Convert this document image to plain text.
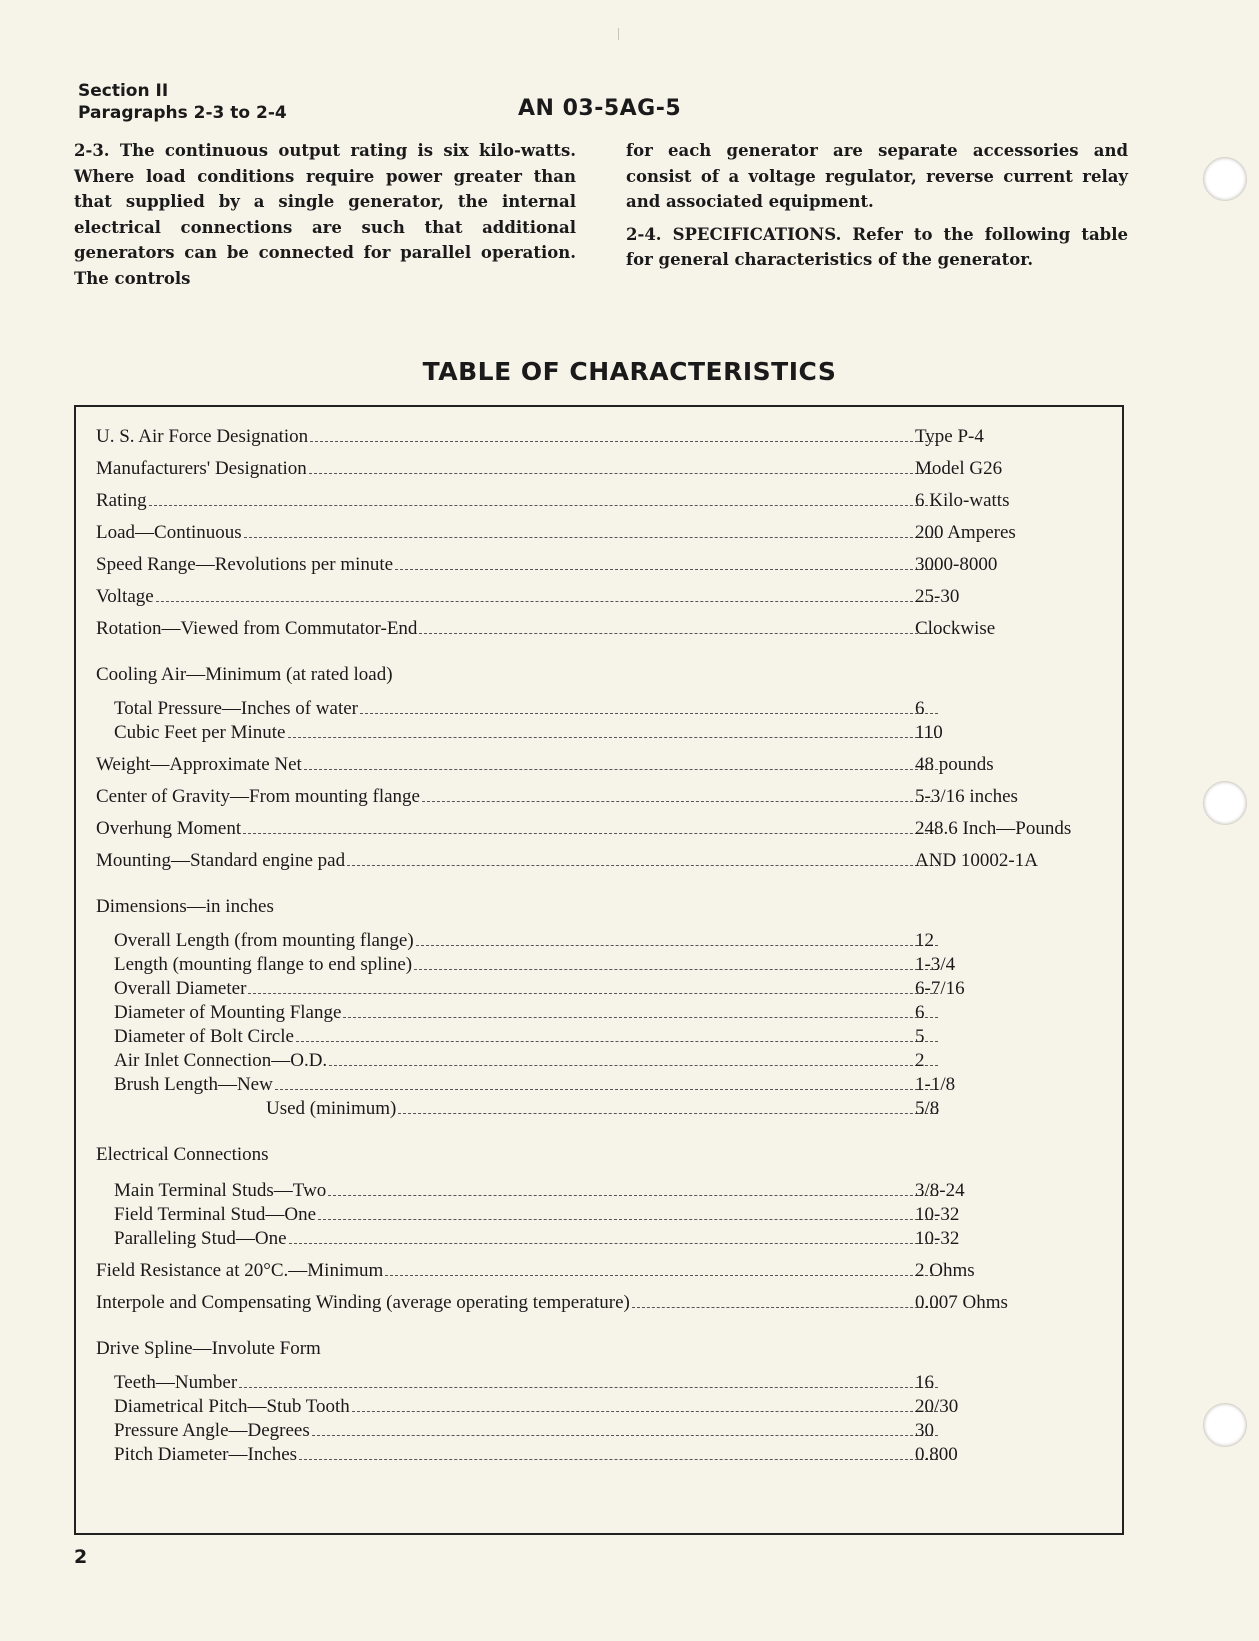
Section II
Paragraphs 2-3 to 2-4	AN 03-5AG-5

2-3. The continuous output rating is six kilo-watts. Where load conditions require power greater than that supplied by a single generator, the internal electrical connections are such that additional generators can be connected for parallel operation. The controls

for each generator are separate accessories and consist of a voltage regulator, reverse current relay and associated equipment.

2-4. SPECIFICATIONS. Refer to the following table for general characteristics of the generator.

TABLE OF CHARACTERISTICS
U. S. Air Force Designation	Type P-4
Manufacturers' Designation	Model G26
Rating	6 Kilo-watts
Load—Continuous	200 Amperes
Speed Range—Revolutions per minute	3000-8000
Voltage	25-30
Rotation—Viewed from Commutator-End	Clockwise
Cooling Air—Minimum (at rated load)
Total Pressure—Inches of water	6
Cubic Feet per Minute	110
Weight—Approximate Net	48 pounds
Center of Gravity—From mounting flange	5-3/16 inches
Overhung Moment	248.6 Inch—Pounds
Mounting—Standard engine pad	AND 10002-1A
Dimensions—in inches
Overall Length (from mounting flange)	12
Length (mounting flange to end spline)	1-3/4
Overall Diameter	6-7/16
Diameter of Mounting Flange	6
Diameter of Bolt Circle	5
Air Inlet Connection—O.D.	2
Brush Length—New	1-1/8
Used (minimum)	5/8
Electrical Connections
Main Terminal Studs—Two	3/8-24
Field Terminal Stud—One	10-32
Paralleling Stud—One	10-32
Field Resistance at 20°C.—Minimum	2 Ohms
Interpole and Compensating Winding (average operating temperature)	0.007 Ohms
Drive Spline—Involute Form
Teeth—Number	16
Diametrical Pitch—Stub Tooth	20/30
Pressure Angle—Degrees	30
Pitch Diameter—Inches	0.800
2
